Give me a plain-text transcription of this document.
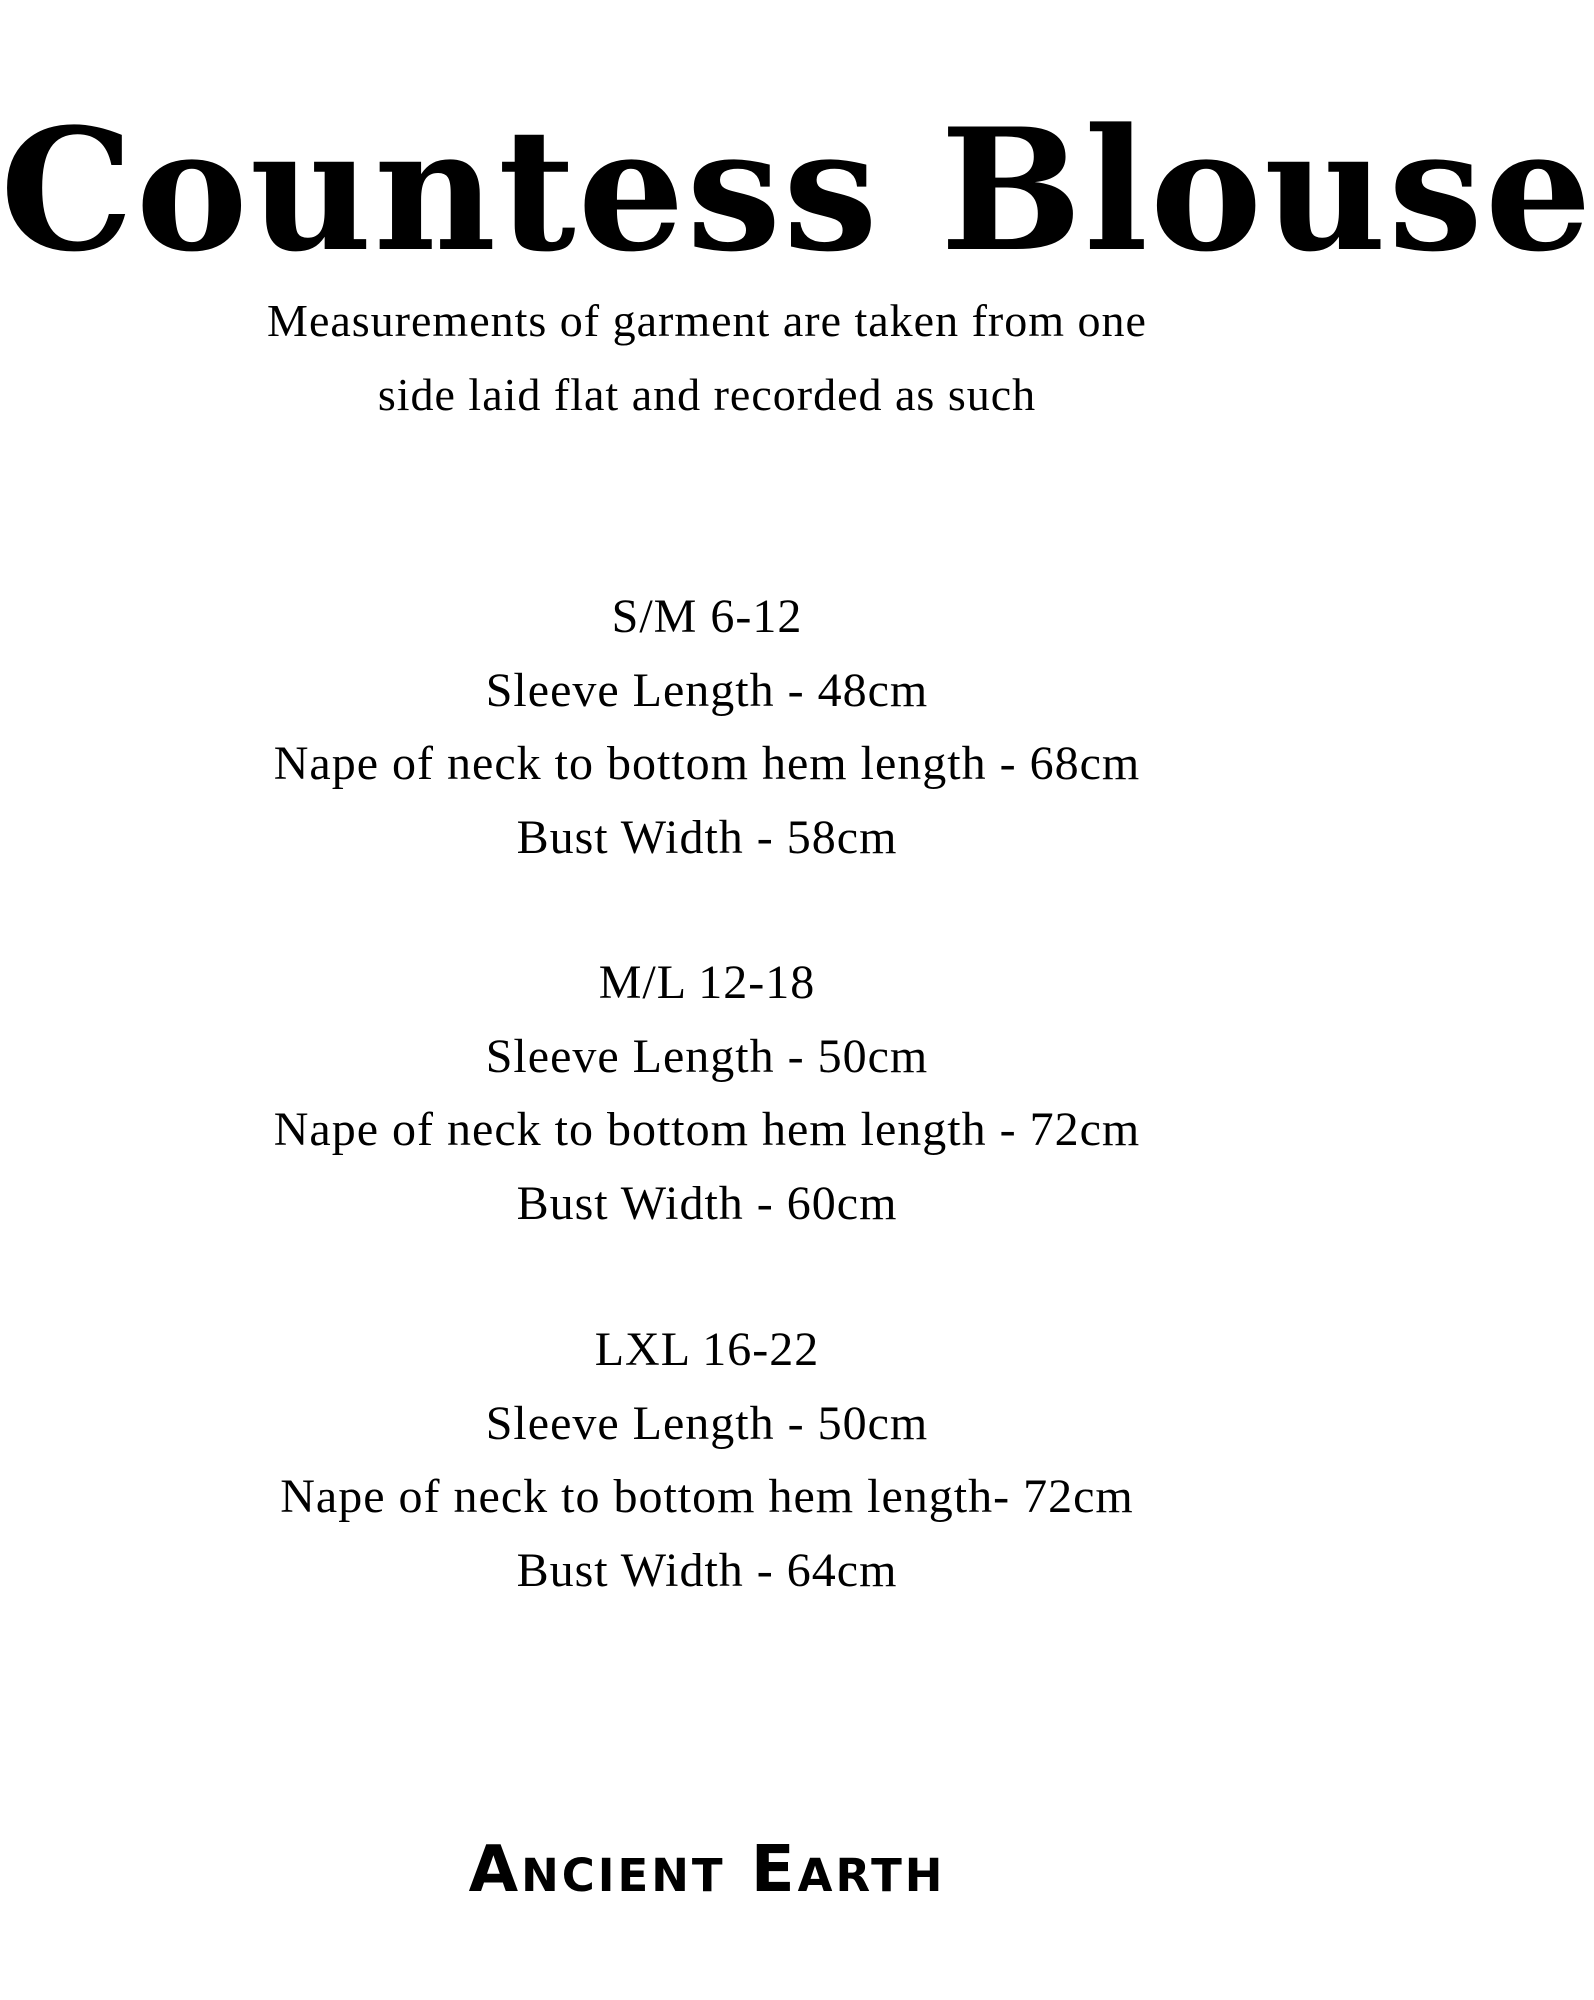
Countess Blouse
Measurements of garment are taken from one
side laid flat and recorded as such
S/M 6-12
Sleeve Length - 48cm
Nape of neck to bottom hem length - 68cm
Bust Width - 58cm
M/L 12-18
Sleeve Length - 50cm
Nape of neck to bottom hem length - 72cm
Bust Width - 60cm
LXL 16-22
Sleeve Length - 50cm
Nape of neck to bottom hem length- 72cm
Bust Width - 64cm
Ancient Earth
